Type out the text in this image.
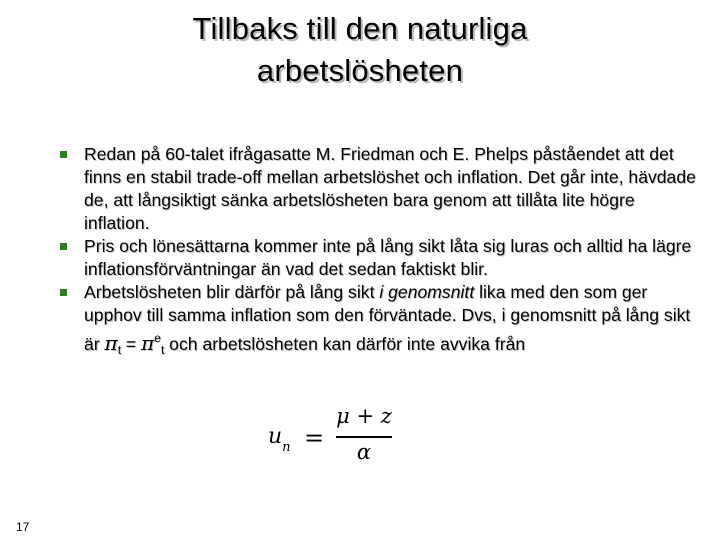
Tillbaks till den naturliga
arbetslösheten
Redan på 60-talet ifrågasatte M. Friedman och E. Phelps påståendet att det finns en stabil trade-off mellan arbetslöshet och inflation. Det går inte, hävdade de, att långsiktigt sänka arbetslösheten bara genom att tillåta lite högre inflation.
Pris och lönesättarna kommer inte på lång sikt låta sig luras och alltid ha lägre inflationsförväntningar än vad det sedan faktiskt blir.
Arbetslösheten blir därför på lång sikt i genomsnitt lika med den som ger upphov till samma inflation som den förväntade. Dvs, i genomsnitt på lång sikt är $\pi_t = \pi^e_t$ och arbetslösheten kan därför inte avvika från
$u_n$ =
μ + z
α
17
